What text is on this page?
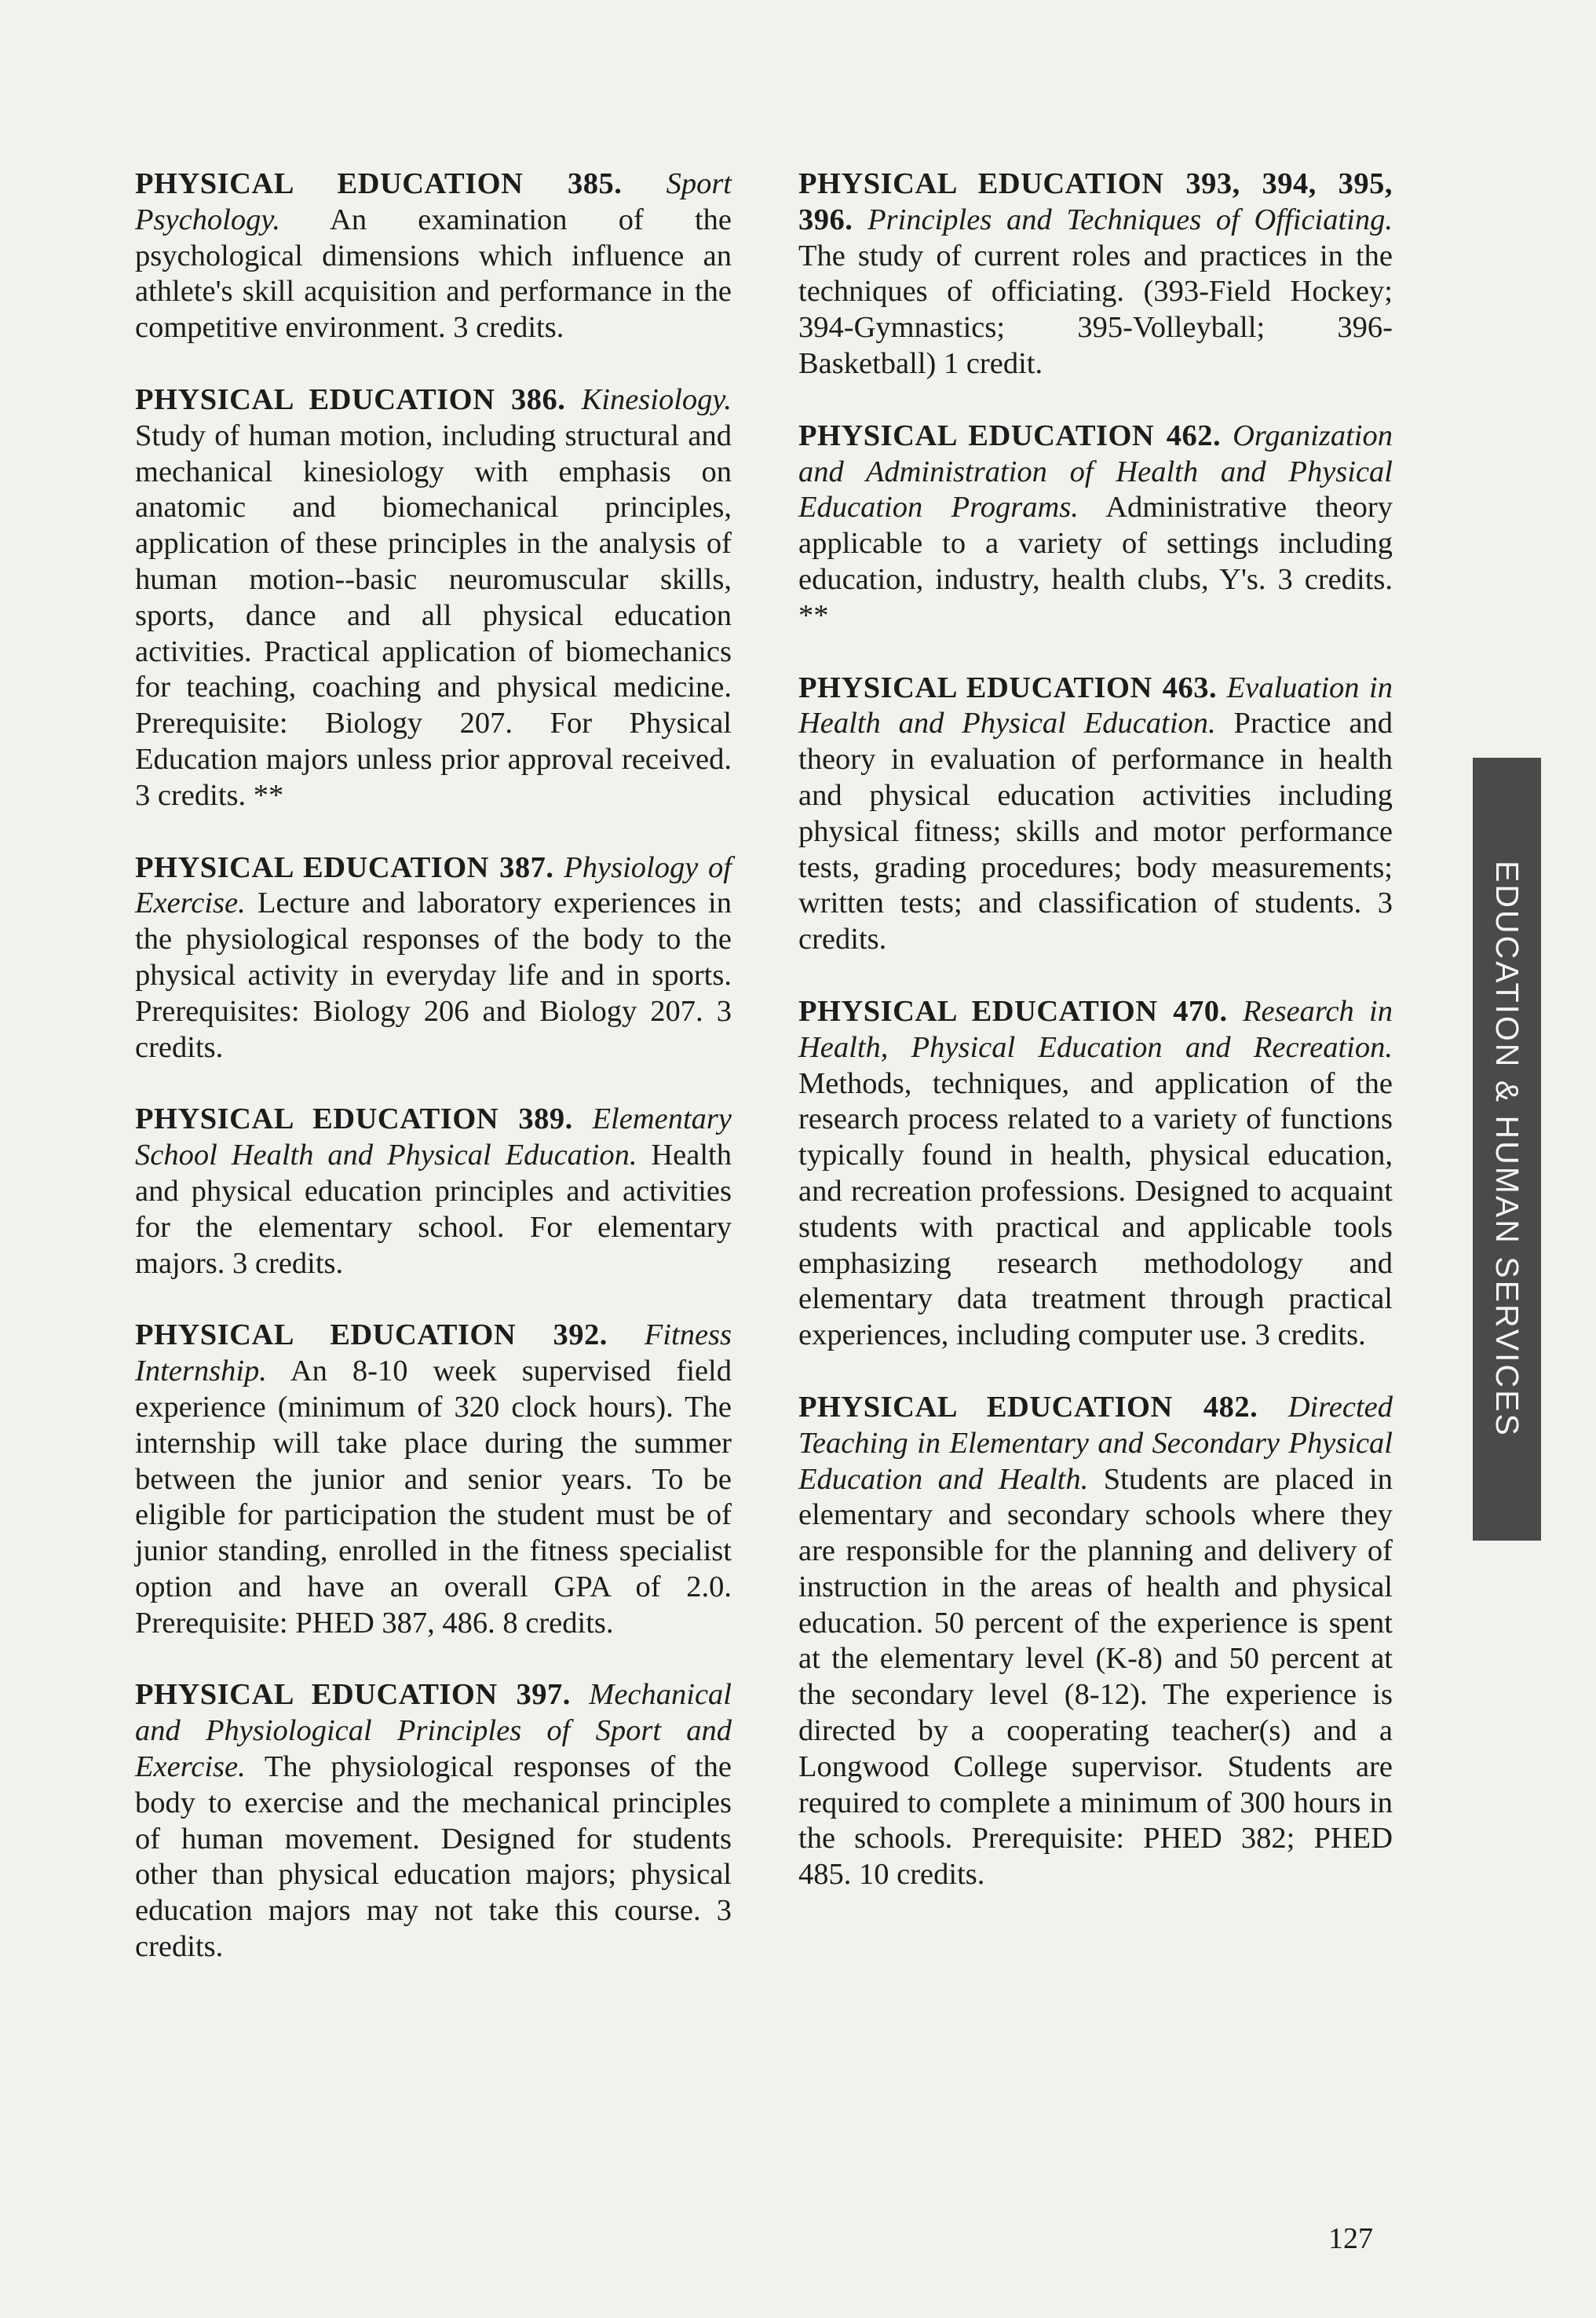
PHYSICAL EDUCATION 385. Sport Psychology. An examination of the psychological dimensions which influence an athlete's skill acquisition and performance in the competitive environment. 3 credits.

PHYSICAL EDUCATION 386. Kinesiology. Study of human motion, including structural and mechanical kinesiology with emphasis on anatomic and biomechanical principles, application of these principles in the analysis of human motion--basic neuromuscular skills, sports, dance and all physical education activities. Practical application of biomechanics for teaching, coaching and physical medicine. Prerequisite: Biology 207. For Physical Education majors unless prior approval received. 3 credits. **

PHYSICAL EDUCATION 387. Physiology of Exercise. Lecture and laboratory experiences in the physiological responses of the body to the physical activity in everyday life and in sports. Prerequisites: Biology 206 and Biology 207. 3 credits.

PHYSICAL EDUCATION 389. Elementary School Health and Physical Education. Health and physical education principles and activities for the elementary school. For elementary majors. 3 credits.

PHYSICAL EDUCATION 392. Fitness Internship. An 8-10 week supervised field experience (minimum of 320 clock hours). The internship will take place during the summer between the junior and senior years. To be eligible for participation the student must be of junior standing, enrolled in the fitness specialist option and have an overall GPA of 2.0. Prerequisite: PHED 387, 486. 8 credits.

PHYSICAL EDUCATION 397. Mechanical and Physiological Principles of Sport and Exercise. The physiological responses of the body to exercise and the mechanical principles of human movement. Designed for students other than physical education majors; physical education majors may not take this course. 3 credits.

PHYSICAL EDUCATION 393, 394, 395, 396. Principles and Techniques of Officiating. The study of current roles and practices in the techniques of officiating. (393-Field Hockey; 394-Gymnastics; 395-Volleyball; 396-Basketball) 1 credit.

PHYSICAL EDUCATION 462. Organization and Administration of Health and Physical Education Programs. Administrative theory applicable to a variety of settings including education, industry, health clubs, Y's. 3 credits. **

PHYSICAL EDUCATION 463. Evaluation in Health and Physical Education. Practice and theory in evaluation of performance in health and physical education activities including physical fitness; skills and motor performance tests, grading procedures; body measurements; written tests; and classification of students. 3 credits.

PHYSICAL EDUCATION 470. Research in Health, Physical Education and Recreation. Methods, techniques, and application of the research process related to a variety of functions typically found in health, physical education, and recreation professions. Designed to acquaint students with practical and applicable tools emphasizing research methodology and elementary data treatment through practical experiences, including computer use. 3 credits.

PHYSICAL EDUCATION 482. Directed Teaching in Elementary and Secondary Physical Education and Health. Students are placed in elementary and secondary schools where they are responsible for the planning and delivery of instruction in the areas of health and physical education. 50 percent of the experience is spent at the elementary level (K-8) and 50 percent at the secondary level (8-12). The experience is directed by a cooperating teacher(s) and a Longwood College supervisor. Students are required to complete a minimum of 300 hours in the schools. Prerequisite: PHED 382; PHED 485. 10 credits.

EDUCATION & HUMAN SERVICES
127
